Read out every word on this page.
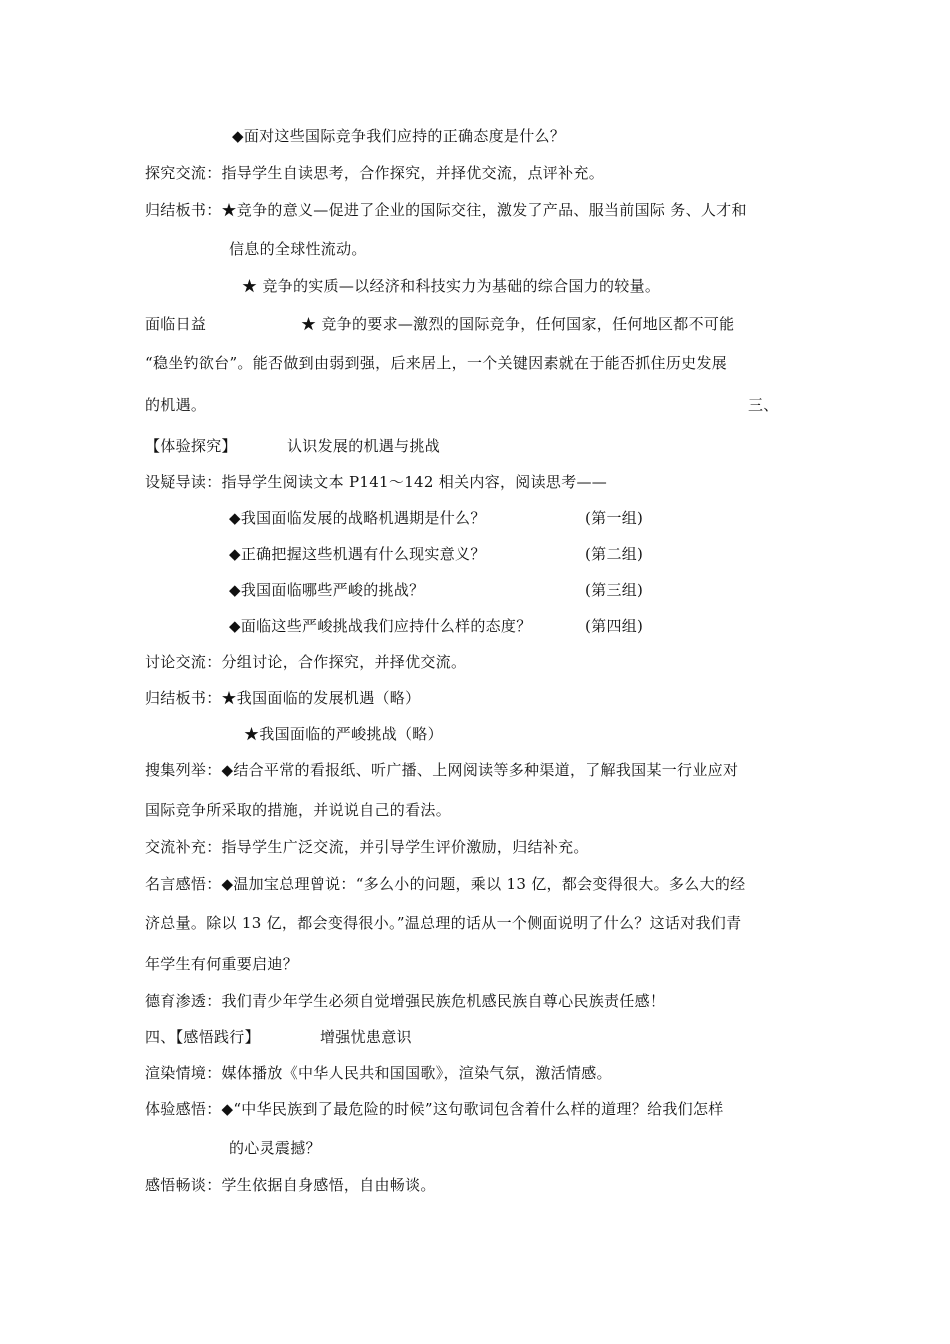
◆面对这些国际竞争我们应持的正确态度是什么？
探究交流：指导学生自读思考，合作探究，并择优交流，点评补充。
归结板书：★竞争的意义—促进了企业的国际交往，激发了产品、服当前国际 务、人才和
信息的全球性流动。
★ 竞争的实质—以经济和科技实力为基础的综合国力的较量。
面临日益	★ 竞争的要求—激烈的国际竞争，任何国家，任何地区都不可能
“稳坐钓欲台”。能否做到由弱到强，后来居上，一个关键因素就在于能否抓住历史发展
的机遇。	三、
【体验探究】	认识发展的机遇与挑战
设疑导读：指导学生阅读文本 P141～142 相关内容，阅读思考——
◆我国面临发展的战略机遇期是什么？	(第一组)
◆正确把握这些机遇有什么现实意义？	(第二组)
◆我国面临哪些严峻的挑战？	(第三组)
◆面临这些严峻挑战我们应持什么样的态度？	(第四组)
讨论交流：分组讨论，合作探究，并择优交流。
归结板书：★我国面临的发展机遇（略）
★我国面临的严峻挑战（略）
搜集列举：◆结合平常的看报纸、听广播、上网阅读等多种渠道，了解我国某一行业应对
国际竞争所采取的措施，并说说自己的看法。
交流补充：指导学生广泛交流，并引导学生评价激励，归结补充。
名言感悟：◆温加宝总理曾说：“多么小的问题，乘以 13 亿，都会变得很大。多么大的经
济总量。除以 13 亿，都会变得很小。”温总理的话从一个侧面说明了什么？这话对我们青
年学生有何重要启迪？
德育渗透：我们青少年学生必须自觉增强民族危机感民族自尊心民族责任感！
四、【感悟践行】	增强忧患意识
渲染情境：媒体播放《中华人民共和国国歌》，渲染气氛，激活情感。
体验感悟：◆“中华民族到了最危险的时候”这句歌词包含着什么样的道理？给我们怎样
的心灵震撼？
感悟畅谈：学生依据自身感悟，自由畅谈。
